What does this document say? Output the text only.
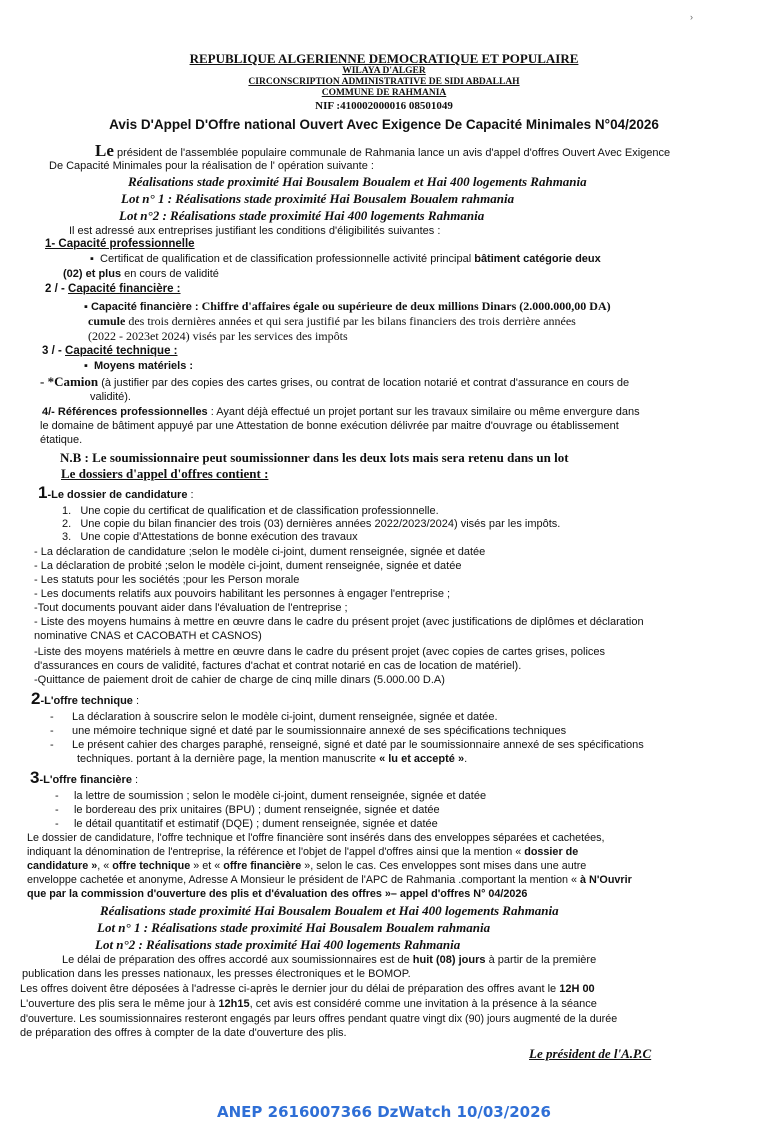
›
REPUBLIQUE ALGERIENNE DEMOCRATIQUE ET POPULAIRE
WILAYA D'ALGER
CIRCONSCRIPTION ADMINISTRATIVE DE SIDI ABDALLAH
COMMUNE DE RAHMANIA
NIF :410002000016 08501049
Avis D'Appel D'Offre national Ouvert Avec Exigence De Capacité Minimales N°04/2026
Le président de l'assemblée populaire communale de Rahmania lance un avis d'appel d'offres Ouvert Avec Exigence
De Capacité Minimales pour la réalisation de l' opération suivante :
Réalisations stade proximité Hai Bousalem Boualem et Hai 400 logements Rahmania
Lot n° 1 : Réalisations stade proximité Hai Bousalem Boualem rahmania
Lot n°2 : Réalisations stade proximité Hai 400 logements Rahmania
Il est adressé aux entreprises justifiant les conditions d'éligibilités suivantes :
1- Capacité professionnelle
▪  Certificat de qualification et de classification professionnelle activité principal bâtiment catégorie deux
(02) et plus en cours de validité
2 / - Capacité financière :
▪ Capacité financière : Chiffre d'affaires égale ou supérieure de deux millions Dinars (2.000.000,00 DA)
cumule des trois dernières années et qui sera justifié par les bilans financiers des trois derrière années
(2022 - 2023et 2024) visés par les services des impôts
3 / - Capacité technique :
▪  Moyens matériels :
- *Camion (à justifier par des copies des cartes grises, ou contrat de location notarié et contrat d'assurance en cours de
validité).
4/- Références professionnelles : Ayant déjà effectué un projet portant sur les travaux similaire ou même envergure dans
le domaine de bâtiment appuyé par une Attestation de bonne exécution délivrée par maitre d'ouvrage ou établissement
étatique.
N.B : Le soumissionnaire peut soumissionner dans les deux lots mais sera retenu dans un lot
Le dossiers d'appel d'offres contient :
1-Le dossier de candidature :
1. Une copie du certificat de qualification et de classification professionnelle.
2. Une copie du bilan financier des trois (03) dernières années 2022/2023/2024) visés par les impôts.
3. Une copie d'Attestations de bonne exécution des travaux
- La déclaration de candidature ;selon le modèle ci-joint, dument renseignée, signée et datée
- La déclaration de probité ;selon le modèle ci-joint, dument renseignée, signée et datée
- Les statuts pour les sociétés ;pour les Person morale
- Les documents relatifs aux pouvoirs habilitant les personnes à engager l'entreprise ;
-Tout documents pouvant aider dans l'évaluation de l'entreprise ;
- Liste des moyens humains à mettre en œuvre dans le cadre du présent projet (avec justifications de diplômes et déclaration
nominative CNAS et CACOBATH et CASNOS)
-Liste des moyens matériels à mettre en œuvre dans le cadre du présent projet (avec copies de cartes grises, polices
d'assurances en cours de validité, factures d'achat et contrat notarié en cas de location de matériel).
-Quittance de paiement droit de cahier de charge de cinq mille dinars (5.000.00 D.A)
2-L'offre technique :
-      La déclaration à souscrire selon le modèle ci-joint, dument renseignée, signée et datée.
-      une mémoire technique signé et daté par le soumissionnaire annexé de ses spécifications techniques
-      Le présent cahier des charges paraphé, renseigné, signé et daté par le soumissionnaire annexé de ses spécifications
techniques. portant à la dernière page, la mention manuscrite « lu et accepté ».
3-L'offre financière :
-     la lettre de soumission ; selon le modèle ci-joint, dument renseignée, signée et datée
-     le bordereau des prix unitaires (BPU) ; dument renseignée, signée et datée
-     le détail quantitatif et estimatif (DQE) ; dument renseignée, signée et datée
Le dossier de candidature, l'offre technique et l'offre financière sont insérés dans des enveloppes séparées et cachetées,
indiquant la dénomination de l'entreprise, la référence et l'objet de l'appel d'offres ainsi que la mention « dossier de
candidature », « offre technique » et « offre financière », selon le cas. Ces enveloppes sont mises dans une autre
enveloppe cachetée et anonyme, Adresse A Monsieur le président de l'APC de Rahmania .comportant la mention « à N'Ouvrir
que par la commission d'ouverture des plis et d'évaluation des offres »– appel d'offres N° 04/2026
Réalisations stade proximité Hai Bousalem Boualem et Hai 400 logements Rahmania
Lot n° 1 : Réalisations stade proximité Hai Bousalem Boualem rahmania
Lot n°2 : Réalisations stade proximité Hai 400 logements Rahmania
Le délai de préparation des offres accordé aux soumissionnaires est de huit (08) jours à partir de la première
publication dans les presses nationaux, les presses électroniques et le BOMOP.
Les offres doivent être déposées à l'adresse ci-après le dernier jour du délai de préparation des offres avant le 12H 00
L'ouverture des plis sera le même jour à 12h15, cet avis est considéré comme une invitation à la présence à la séance
d'ouverture. Les soumissionnaires resteront engagés par leurs offres pendant quatre vingt dix (90) jours augmenté de la durée
de préparation des offres à compter de la date d'ouverture des plis.
Le président de l'A.P.C
ANEP 2616007366 DzWatch 10/03/2026
